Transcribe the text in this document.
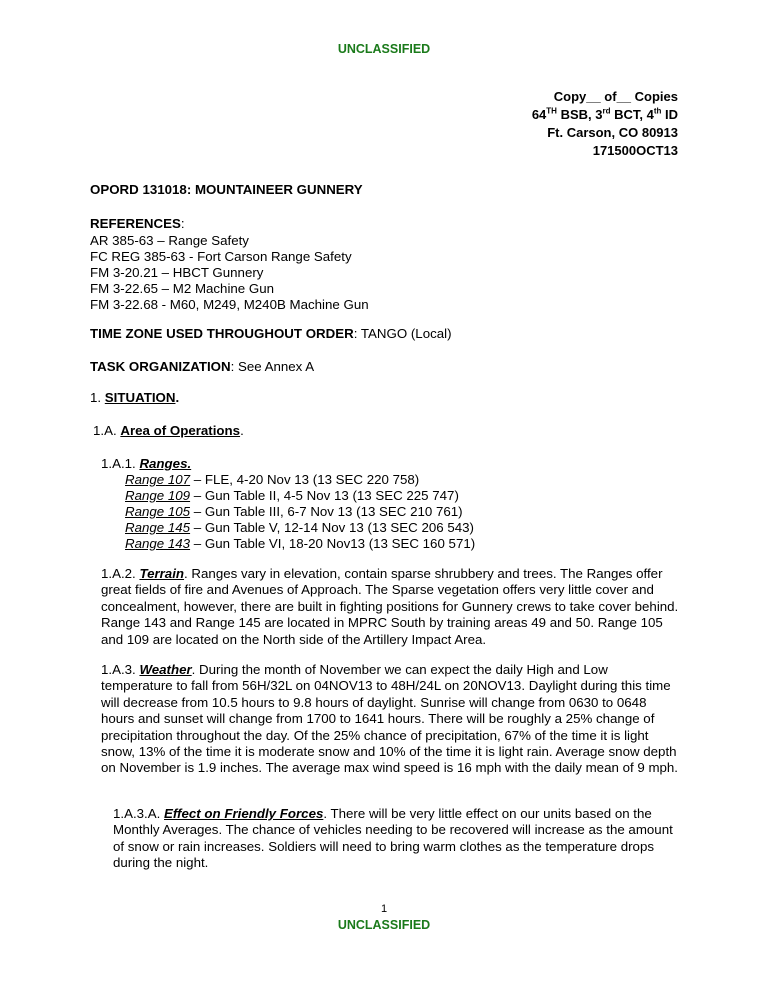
UNCLASSIFIED
Copy__ of__ Copies
64TH BSB, 3rd BCT, 4th ID
Ft. Carson, CO 80913
171500OCT13
OPORD 131018: MOUNTAINEER GUNNERY
REFERENCES:
AR 385-63 – Range Safety
FC REG 385-63 - Fort Carson Range Safety
FM 3-20.21 – HBCT Gunnery
FM 3-22.65 – M2 Machine Gun
FM 3-22.68 - M60, M249, M240B Machine Gun
TIME ZONE USED THROUGHOUT ORDER: TANGO (Local)
TASK ORGANIZATION: See Annex A
1. SITUATION.
1.A. Area of Operations.
1.A.1. Ranges.
Range 107 – FLE, 4-20 Nov 13 (13 SEC 220 758)
Range 109 – Gun Table II, 4-5 Nov 13 (13 SEC 225 747)
Range 105 – Gun Table III, 6-7 Nov 13 (13 SEC 210 761)
Range 145 – Gun Table V, 12-14 Nov 13 (13 SEC 206 543)
Range 143 – Gun Table VI, 18-20 Nov13 (13 SEC 160 571)
1.A.2. Terrain. Ranges vary in elevation, contain sparse shrubbery and trees. The Ranges offer great fields of fire and Avenues of Approach. The Sparse vegetation offers very little cover and concealment, however, there are built in fighting positions for Gunnery crews to take cover behind. Range 143 and Range 145 are located in MPRC South by training areas 49 and 50. Range 105 and 109 are located on the North side of the Artillery Impact Area.
1.A.3. Weather. During the month of November we can expect the daily High and Low temperature to fall from 56H/32L on 04NOV13 to 48H/24L on 20NOV13. Daylight during this time will decrease from 10.5 hours to 9.8 hours of daylight. Sunrise will change from 0630 to 0648 hours and sunset will change from 1700 to 1641 hours. There will be roughly a 25% change of precipitation throughout the day. Of the 25% chance of precipitation, 67% of the time it is light snow, 13% of the time it is moderate snow and 10% of the time it is light rain. Average snow depth on November is 1.9 inches. The average max wind speed is 16 mph with the daily mean of 9 mph.
1.A.3.A. Effect on Friendly Forces. There will be very little effect on our units based on the Monthly Averages. The chance of vehicles needing to be recovered will increase as the amount of snow or rain increases. Soldiers will need to bring warm clothes as the temperature drops during the night.
1
UNCLASSIFIED
